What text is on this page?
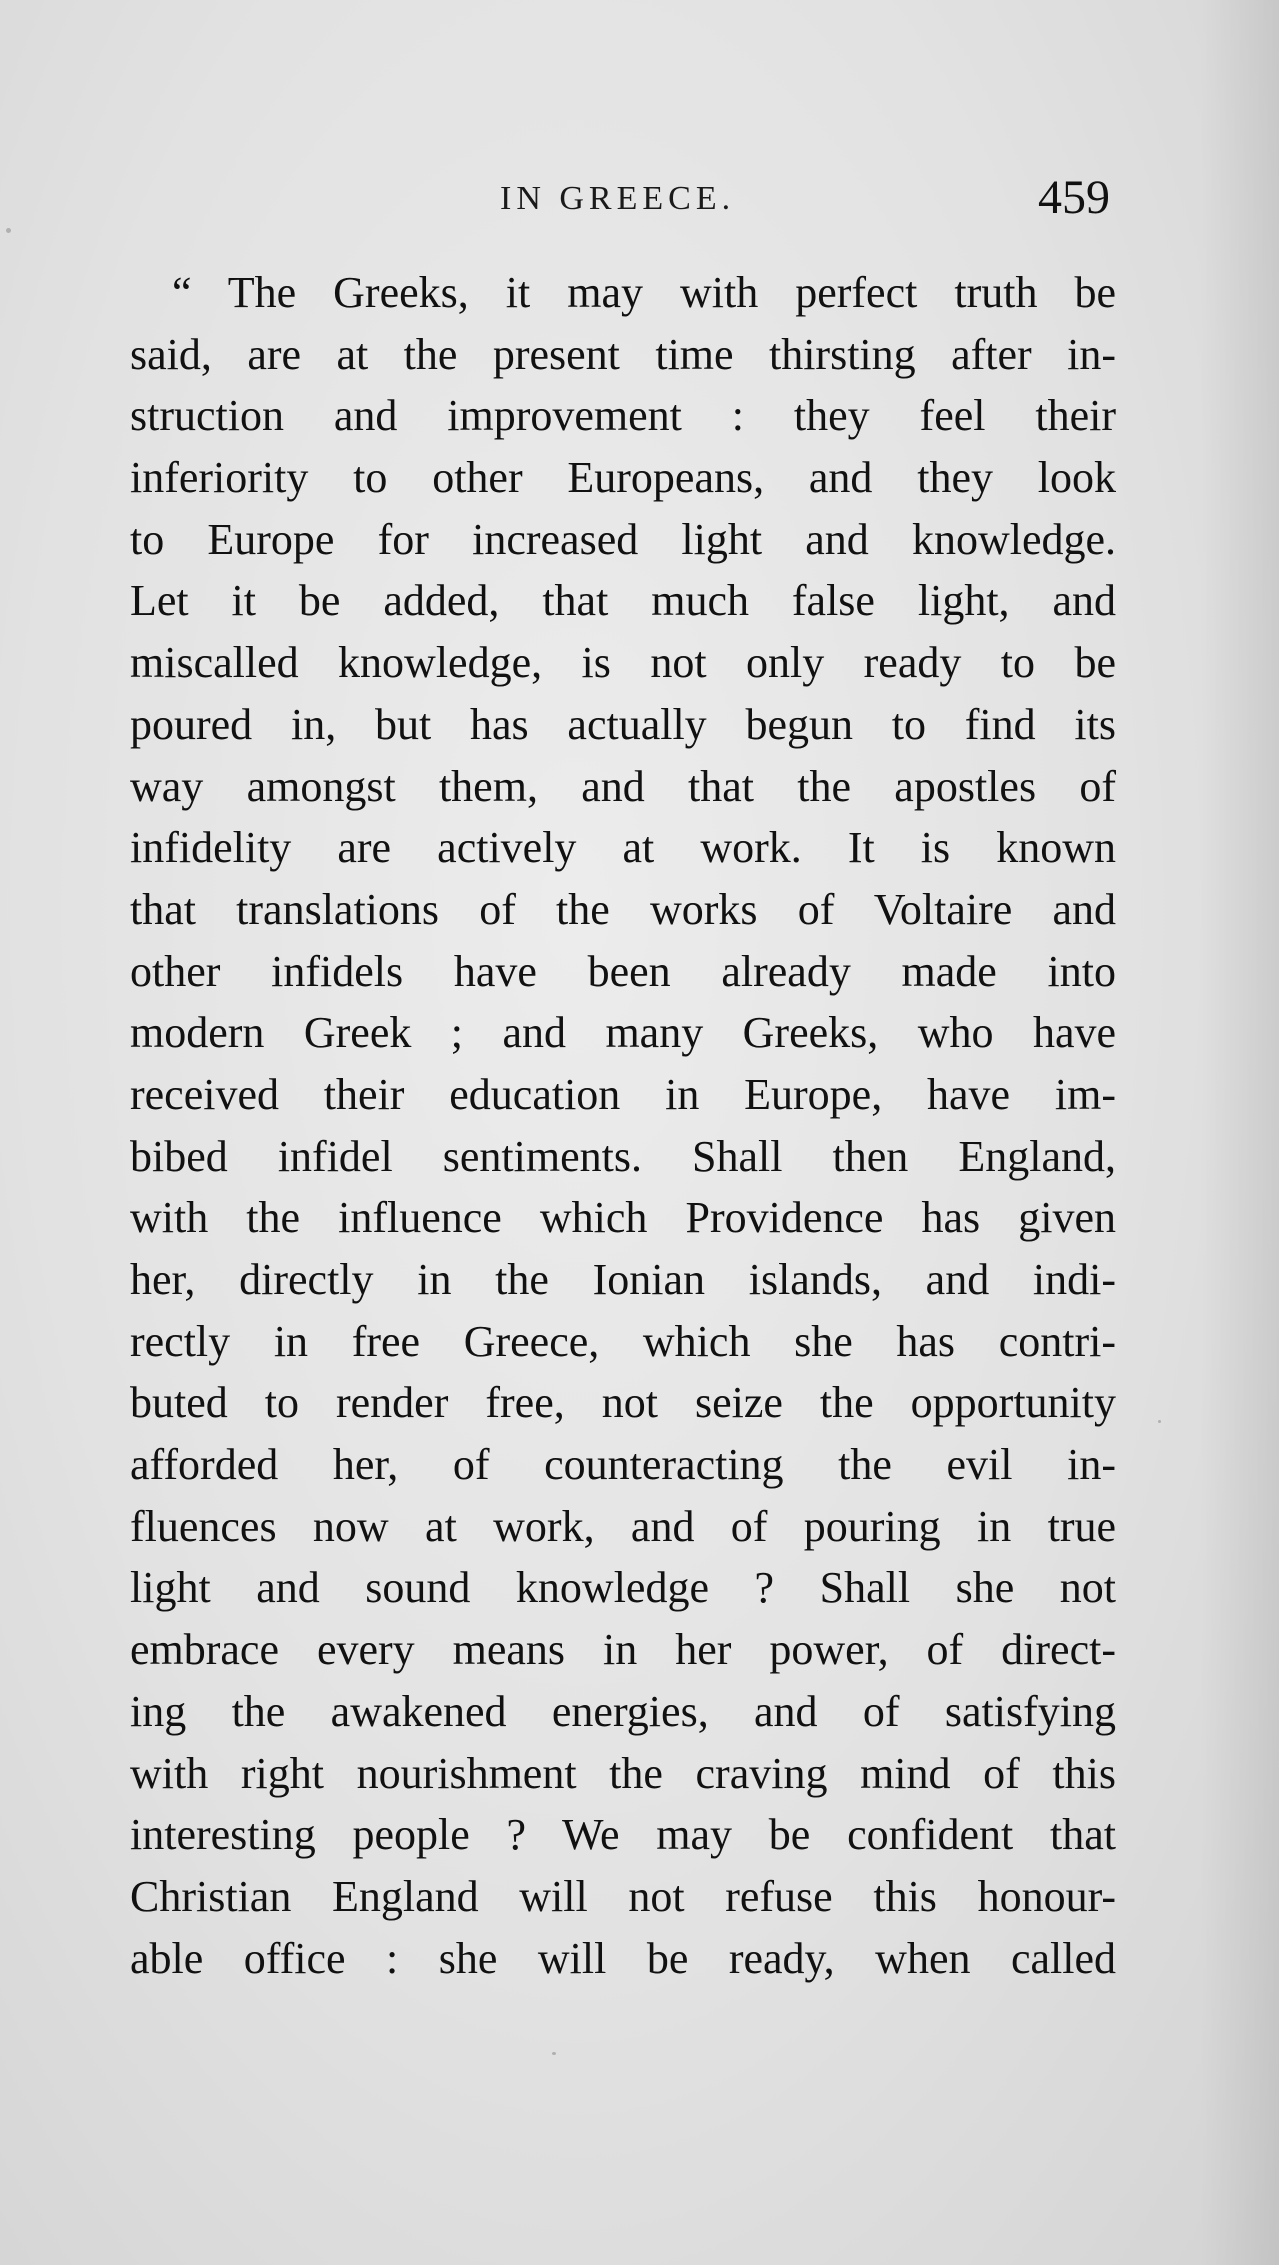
IN GREECE.	459
“ The Greeks, it may with perfect truth be
said, are at the present time thirsting after in-
struction and improvement : they feel their
inferiority to other Europeans, and they look
to Europe for increased light and knowledge.
Let it be added, that much false light, and
miscalled knowledge, is not only ready to be
poured in, but has actually begun to find its
way amongst them, and that the apostles of
infidelity are actively at work. It is known
that translations of the works of Voltaire and
other infidels have been already made into
modern Greek ; and many Greeks, who have
received their education in Europe, have im-
bibed infidel sentiments. Shall then England,
with the influence which Providence has given
her, directly in the Ionian islands, and indi-
rectly in free Greece, which she has contri-
buted to render free, not seize the opportunity
afforded her, of counteracting the evil in-
fluences now at work, and of pouring in true
light and sound knowledge ? Shall she not
embrace every means in her power, of direct-
ing the awakened energies, and of satisfying
with right nourishment the craving mind of this
interesting people ? We may be confident that
Christian England will not refuse this honour-
able office : she will be ready, when called
